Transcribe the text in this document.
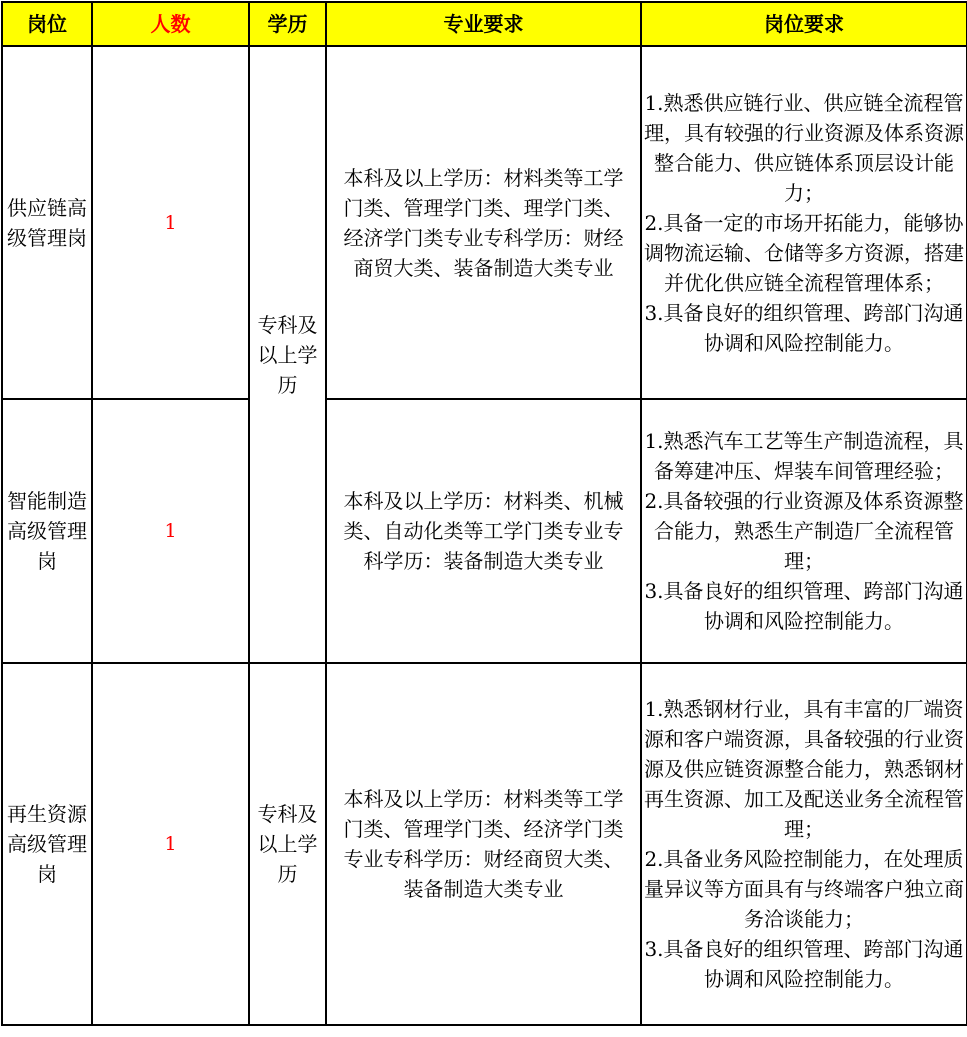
岗位	人数	学历	专业要求	岗位要求
供应链高级管理岗	1	专科及以上学历	本科及以上学历：材料类等工学门类、管理学门类、理学门类、经济学门类专业专科学历：财经商贸大类、装备制造大类专业	1.熟悉供应链行业、供应链全流程管理，具有较强的行业资源及体系资源整合能力、供应链体系顶层设计能力；
2.具备一定的市场开拓能力，能够协调物流运输、仓储等多方资源，搭建并优化供应链全流程管理体系；
3.具备良好的组织管理、跨部门沟通协调和风险控制能力。

智能制造高级管理岗	1		本科及以上学历：材料类、机械类、自动化类等工学门类专业专科学历：装备制造大类专业	1.熟悉汽车工艺等生产制造流程，具备筹建冲压、焊装车间管理经验；
2.具备较强的行业资源及体系资源整合能力，熟悉生产制造厂全流程管理；
3.具备良好的组织管理、跨部门沟通协调和风险控制能力。

再生资源高级管理岗	1	专科及以上学历	本科及以上学历：材料类等工学门类、管理学门类、经济学门类专业专科学历：财经商贸大类、装备制造大类专业	1.熟悉钢材行业，具有丰富的厂端资源和客户端资源，具备较强的行业资源及供应链资源整合能力，熟悉钢材再生资源、加工及配送业务全流程管理；
2.具备业务风险控制能力，在处理质量异议等方面具有与终端客户独立商务洽谈能力；
3.具备良好的组织管理、跨部门沟通协调和风险控制能力。
